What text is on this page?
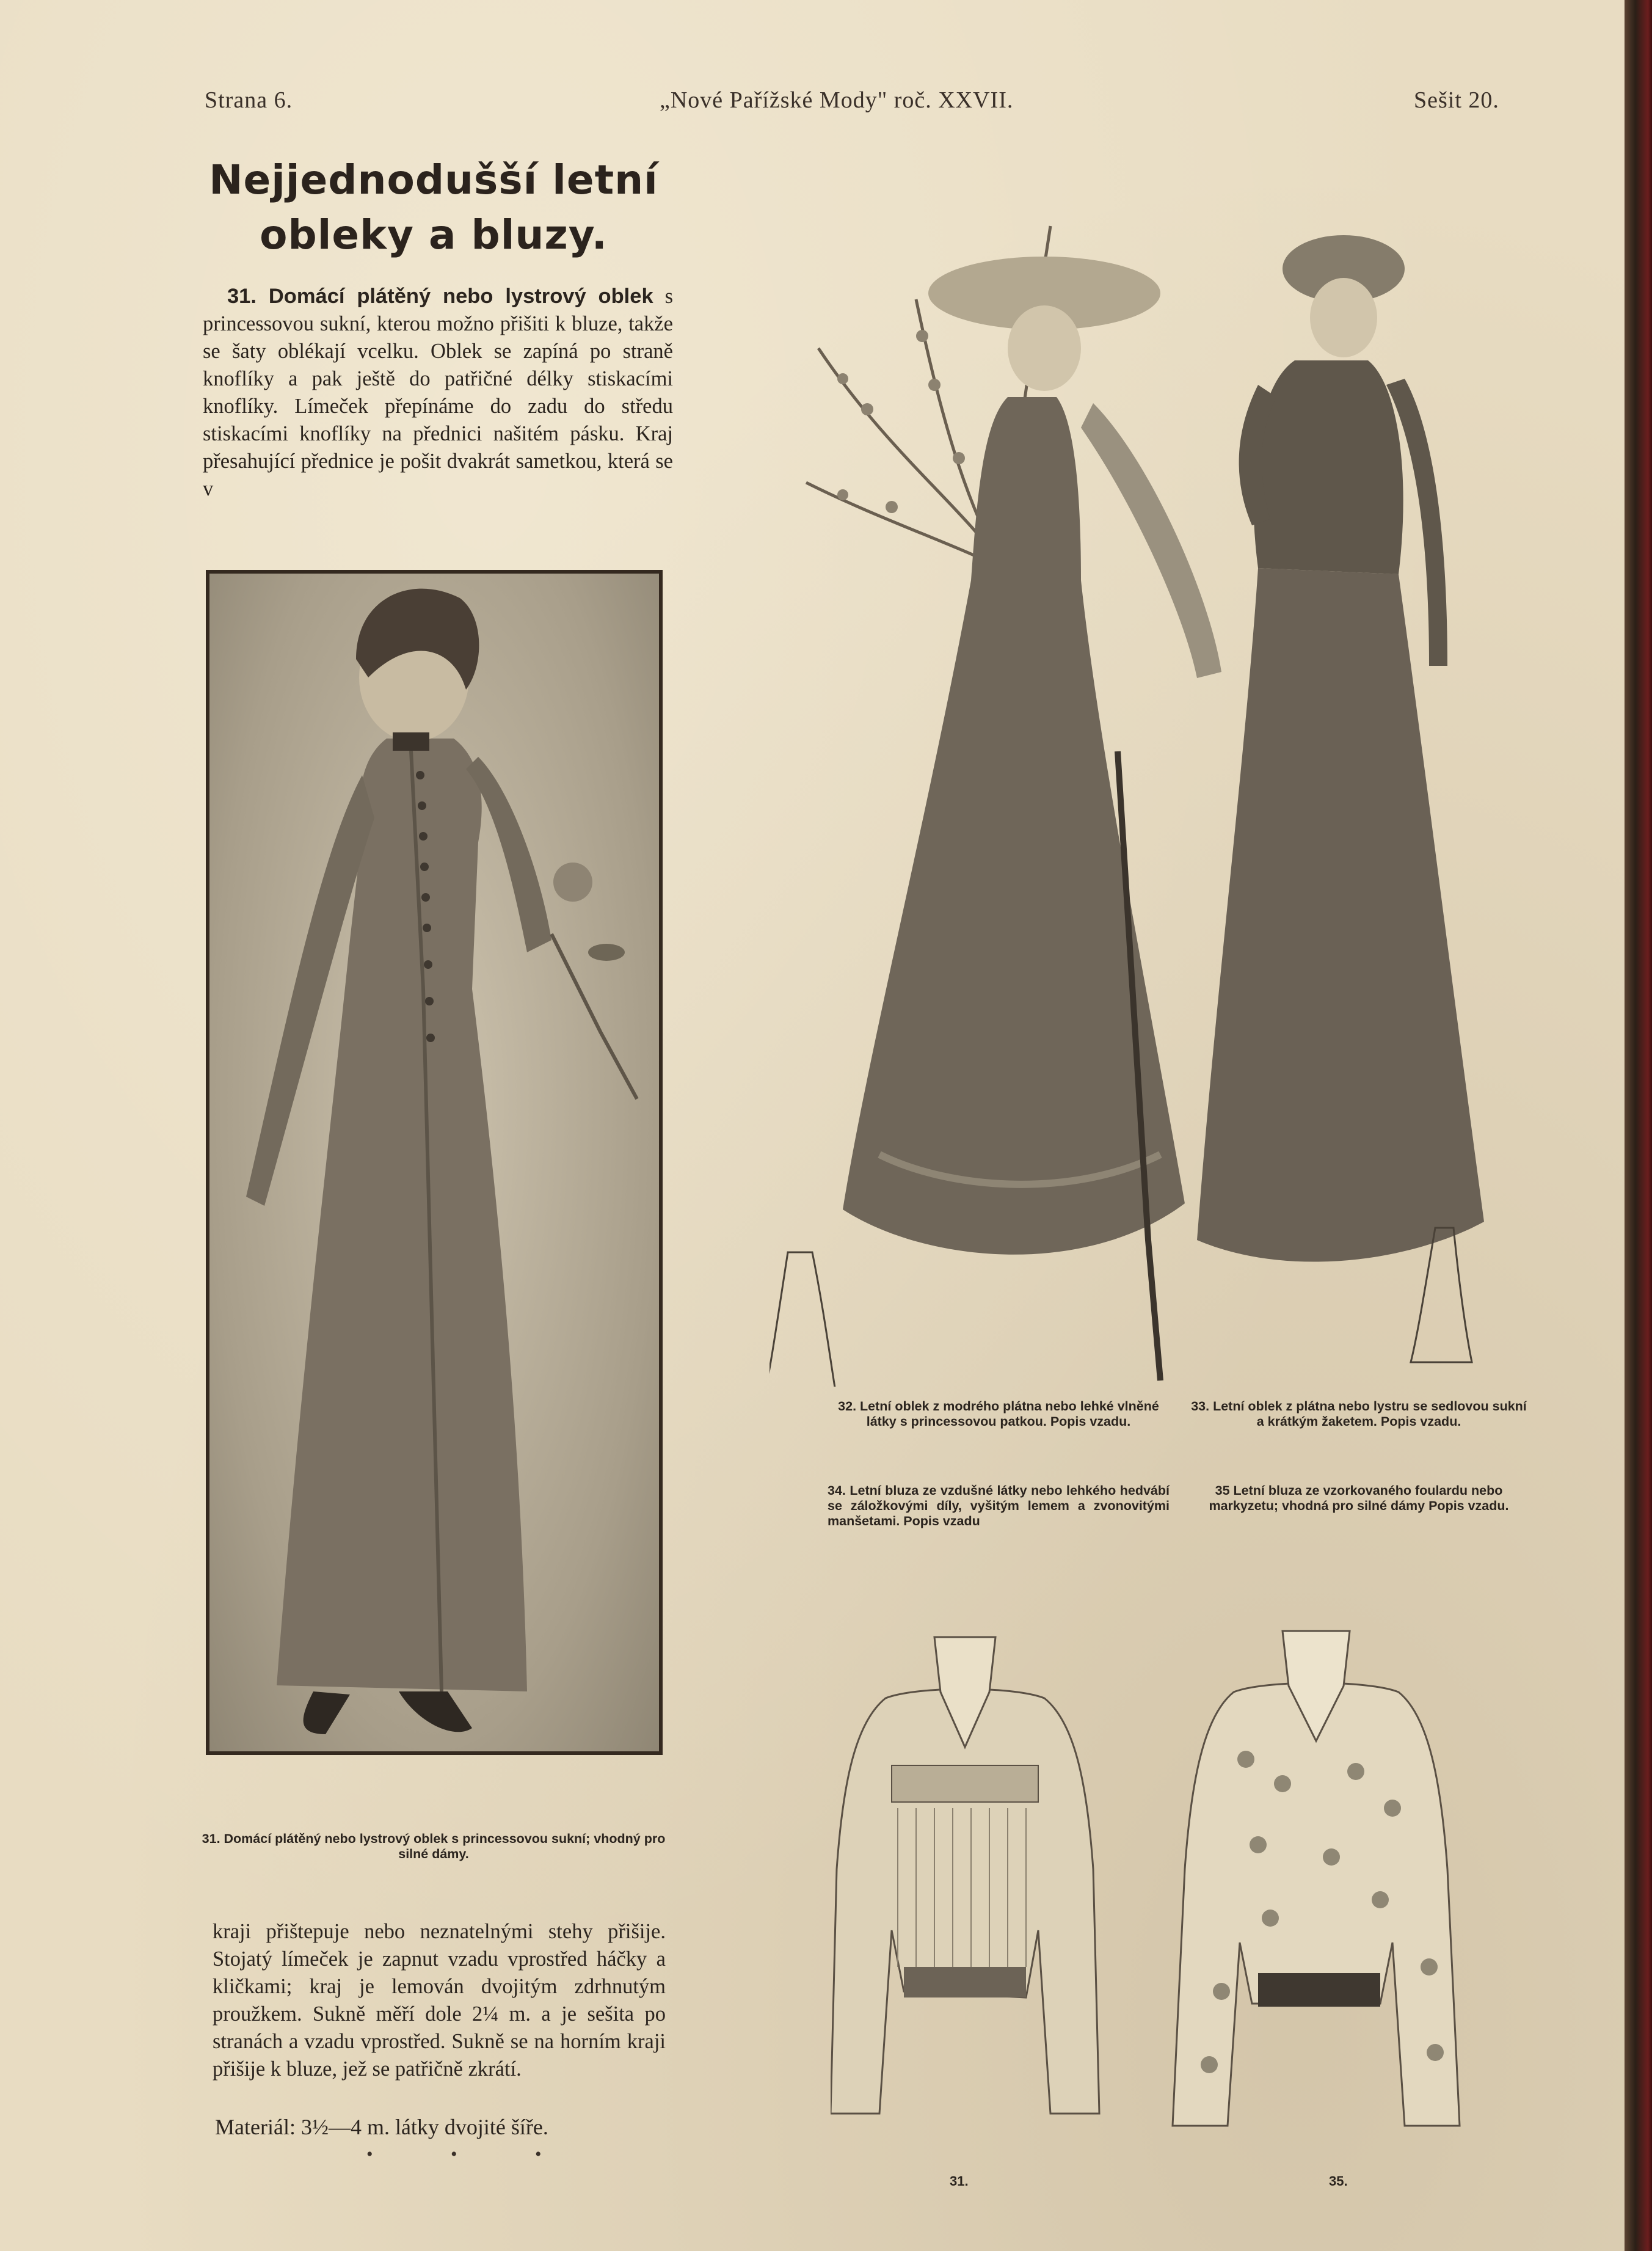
Strana 6.	„Nové Pařížské Mody" roč. XXVII.	Sešit 20.
Nejjednodušší letní obleky a bluzy.
31. Domácí plátěný nebo lystrový oblek s princessovou sukní, kterou možno přišiti k bluze, takže se šaty oblékají vcelku. Oblek se zapíná po straně knoflíky a pak ještě do patřičné délky stiskacími knoflíky. Límeček přepínáme do zadu do středu stiskacími knoflíky na přednici našitém pásku. Kraj přesahující přednice je pošit dvakrát sametkou, která se v
31. Domácí plátěný nebo lystrový oblek s princessovou sukní; vhodný pro silné dámy.
32. Letní oblek z modrého plátna nebo lehké vlněné látky s princessovou patkou. Popis vzadu.
33. Letní oblek z plátna nebo lystru se sedlovou sukní a krátkým žaketem. Popis vzadu.
34. Letní bluza ze vzdušné látky nebo lehkého hedvábí se záložkovými díly, vyšitým lemem a zvonovitými manšetami. Popis vzadu
35 Letní bluza ze vzorkovaného foulardu nebo markyzetu; vhodná pro silné dámy Popis vzadu.
kraji přištepuje nebo neznatelnými stehy přišije. Stojatý límeček je zapnut vzadu vprostřed háčky a kličkami; kraj je lemován dvojitým zdrhnutým proužkem. Sukně měří dole 2¼ m. a je sešita po stranách a vzadu vprostřed. Sukně se na horním kraji přišije k bluze, jež se patřičně zkrátí.
Materiál: 3½—4 m. látky dvojité šíře.
• • •
31.	35.
